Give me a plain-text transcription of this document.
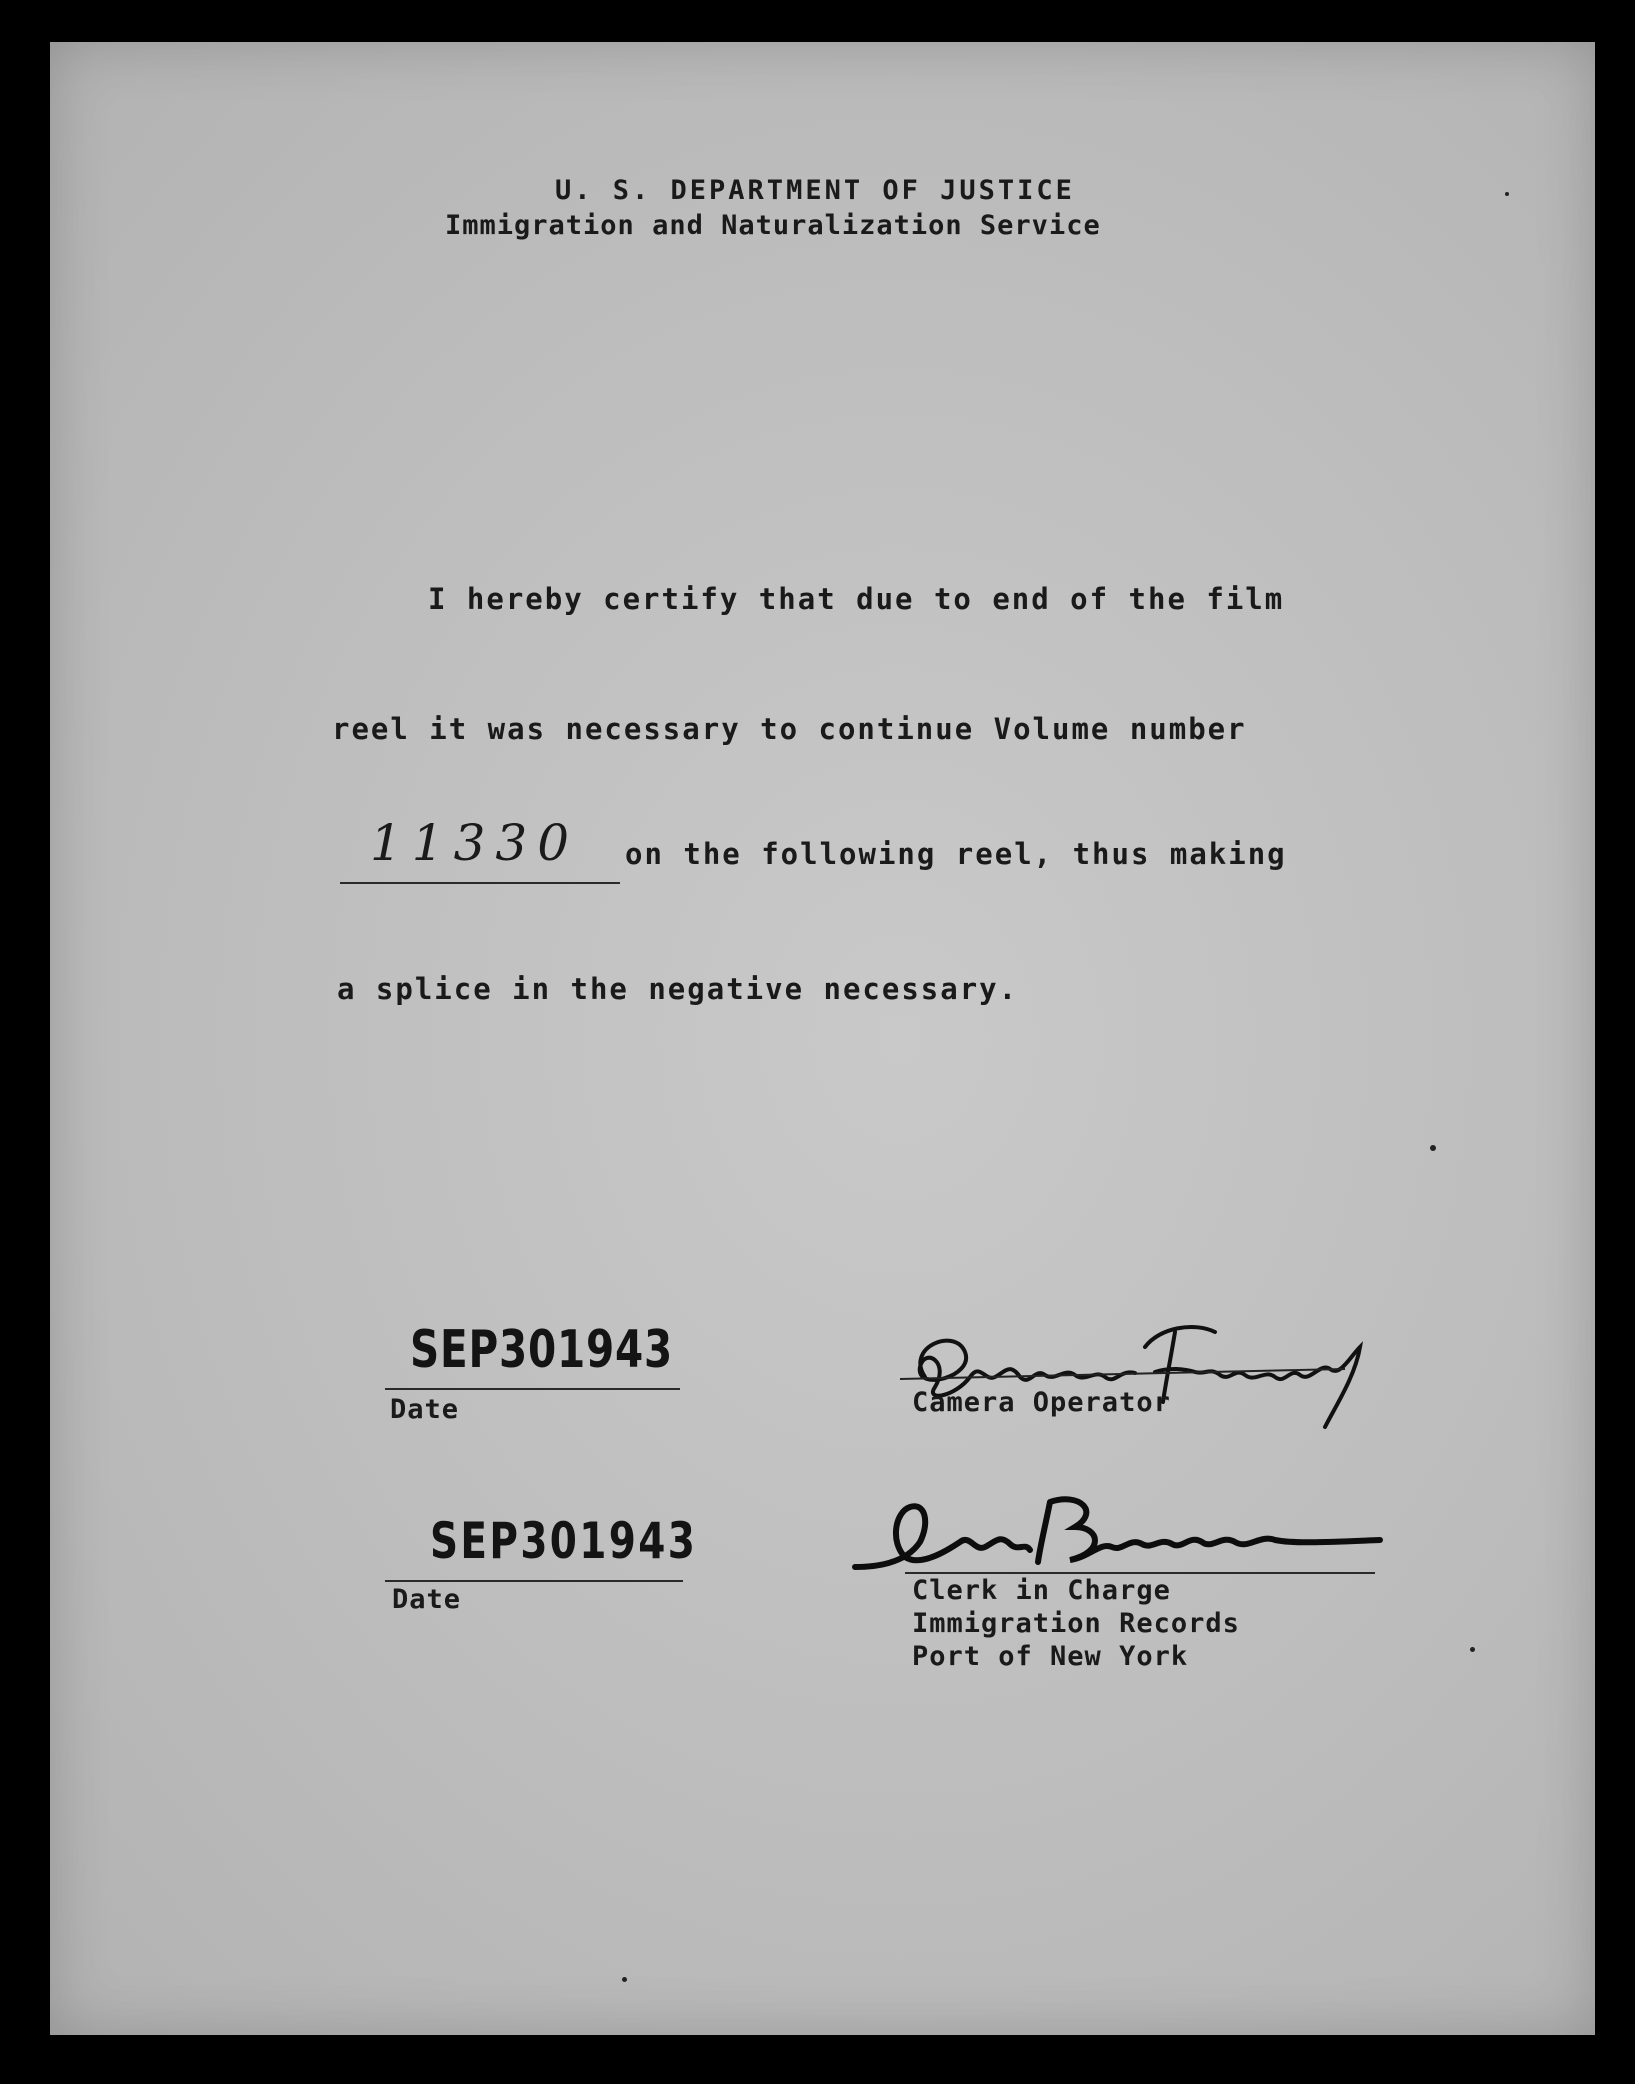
U. S. DEPARTMENT OF JUSTICE
Immigration and Naturalization Service
I hereby certify that due to end of the film
reel it was necessary to continue Volume number
11330 on the following reel, thus making
a splice in the negative necessary.
SEP301943
Date	Camera Operator
SEP301943
Date	Clerk in Charge
Immigration Records
Port of New York
